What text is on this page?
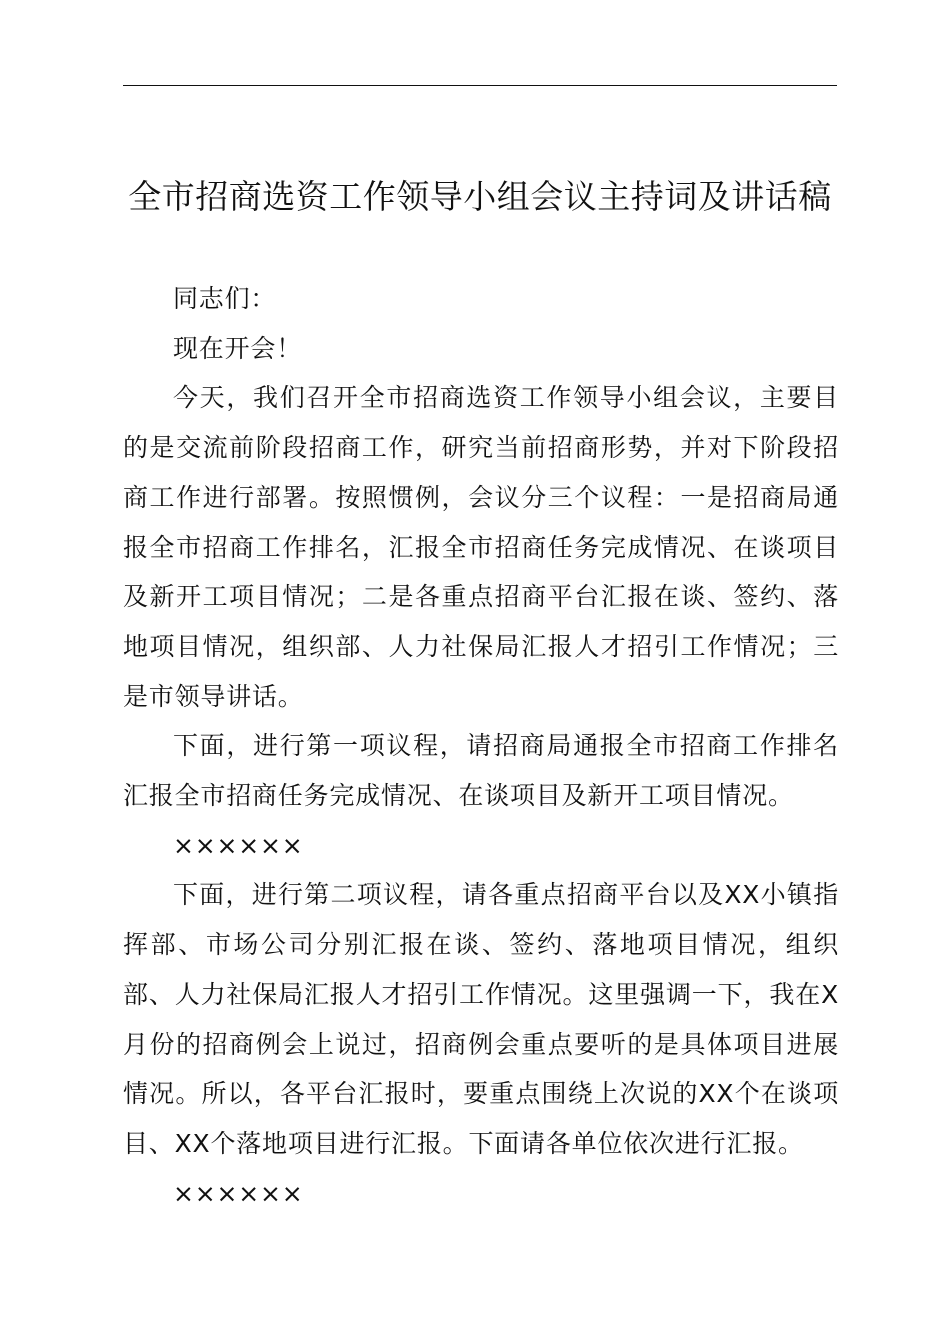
全市招商选资工作领导小组会议主持词及讲话稿

同志们：

现在开会！

今天，我们召开全市招商选资工作领导小组会议，主要目的是交流前阶段招商工作，研究当前招商形势，并对下阶段招商工作进行部署。按照惯例，会议分三个议程：一是招商局通报全市招商工作排名，汇报全市招商任务完成情况、在谈项目及新开工项目情况；二是各重点招商平台汇报在谈、签约、落地项目情况，组织部、人力社保局汇报人才招引工作情况；三是市领导讲话。

下面，进行第一项议程，请招商局通报全市招商工作排名汇报全市招商任务完成情况、在谈项目及新开工项目情况。

××××××

下面，进行第二项议程，请各重点招商平台以及XX小镇指挥部、市场公司分别汇报在谈、签约、落地项目情况，组织部、人力社保局汇报人才招引工作情况。这里强调一下，我在X月份的招商例会上说过，招商例会重点要听的是具体项目进展情况。所以，各平台汇报时，要重点围绕上次说的XX个在谈项目、XX个落地项目进行汇报。下面请各单位依次进行汇报。

××××××
